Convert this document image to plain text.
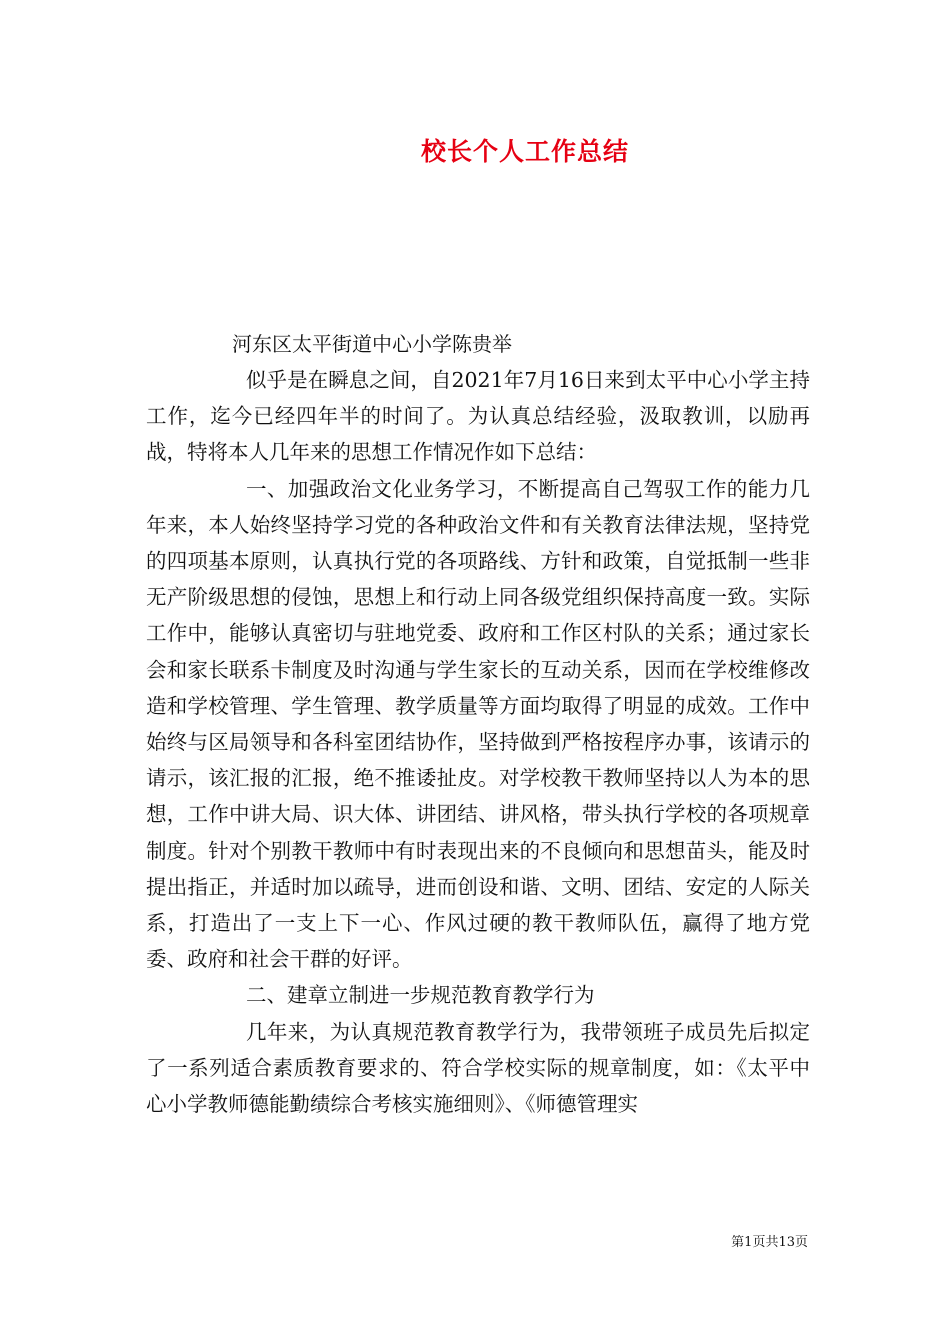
校长个人工作总结
河东区太平街道中心小学陈贵举

似乎是在瞬息之间，自2021年7月16日来到太平中心小学主持工作，迄今已经四年半的时间了。为认真总结经验，汲取教训，以励再战，特将本人几年来的思想工作情况作如下总结：

一、加强政治文化业务学习，不断提高自己驾驭工作的能力几年来，本人始终坚持学习党的各种政治文件和有关教育法律法规，坚持党的四项基本原则，认真执行党的各项路线、方针和政策，自觉抵制一些非无产阶级思想的侵蚀，思想上和行动上同各级党组织保持高度一致。实际工作中，能够认真密切与驻地党委、政府和工作区村队的关系；通过家长会和家长联系卡制度及时沟通与学生家长的互动关系，因而在学校维修改造和学校管理、学生管理、教学质量等方面均取得了明显的成效。工作中始终与区局领导和各科室团结协作，坚持做到严格按程序办事，该请示的请示，该汇报的汇报，绝不推诿扯皮。对学校教干教师坚持以人为本的思想，工作中讲大局、识大体、讲团结、讲风格，带头执行学校的各项规章制度。针对个别教干教师中有时表现出来的不良倾向和思想苗头，能及时提出指正，并适时加以疏导，进而创设和谐、文明、团结、安定的人际关系，打造出了一支上下一心、作风过硬的教干教师队伍，赢得了地方党委、政府和社会干群的好评。

二、建章立制进一步规范教育教学行为

几年来，为认真规范教育教学行为，我带领班子成员先后拟定了一系列适合素质教育要求的、符合学校实际的规章制度，如：《太平中心小学教师德能勤绩综合考核实施细则》、《师德管理实

第1页共13页
